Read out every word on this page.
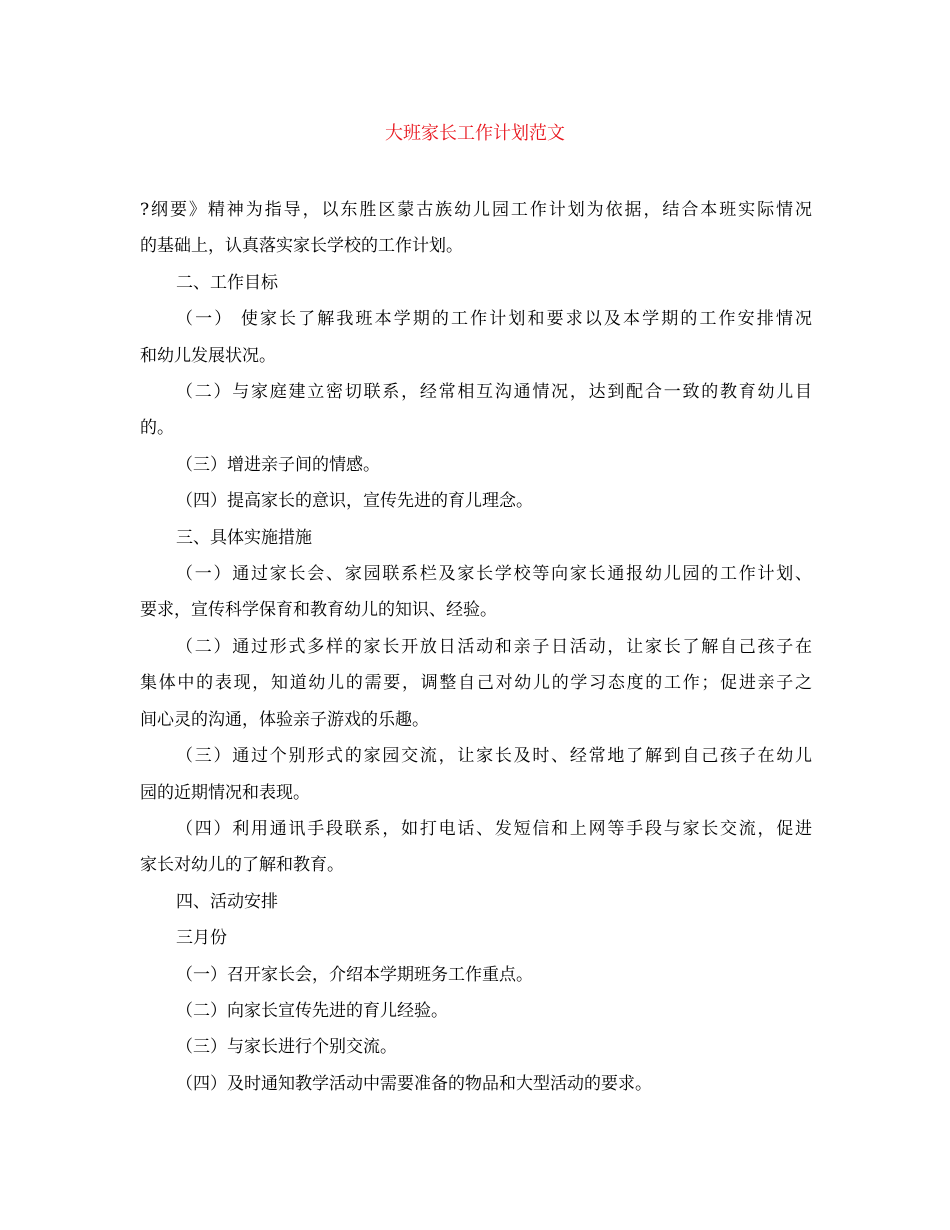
大班家长工作计划范文

?纲要》精神为指导，以东胜区蒙古族幼儿园工作计划为依据，结合本班实际情况

的基础上，认真落实家长学校的工作计划。

二、工作目标

（一） 使家长了解我班本学期的工作计划和要求以及本学期的工作安排情况

和幼儿发展状况。

（二）与家庭建立密切联系，经常相互沟通情况，达到配合一致的教育幼儿目

的。

（三）增进亲子间的情感。

（四）提高家长的意识，宣传先进的育儿理念。

三、具体实施措施

（一）通过家长会、家园联系栏及家长学校等向家长通报幼儿园的工作计划、

要求，宣传科学保育和教育幼儿的知识、经验。

（二）通过形式多样的家长开放日活动和亲子日活动，让家长了解自己孩子在

集体中的表现，知道幼儿的需要，调整自己对幼儿的学习态度的工作；促进亲子之

间心灵的沟通，体验亲子游戏的乐趣。

（三）通过个别形式的家园交流，让家长及时、经常地了解到自己孩子在幼儿

园的近期情况和表现。

（四）利用通讯手段联系，如打电话、发短信和上网等手段与家长交流，促进

家长对幼儿的了解和教育。

四、活动安排

三月份

（一）召开家长会，介绍本学期班务工作重点。

（二）向家长宣传先进的育儿经验。

（三）与家长进行个别交流。

（四）及时通知教学活动中需要准备的物品和大型活动的要求。
